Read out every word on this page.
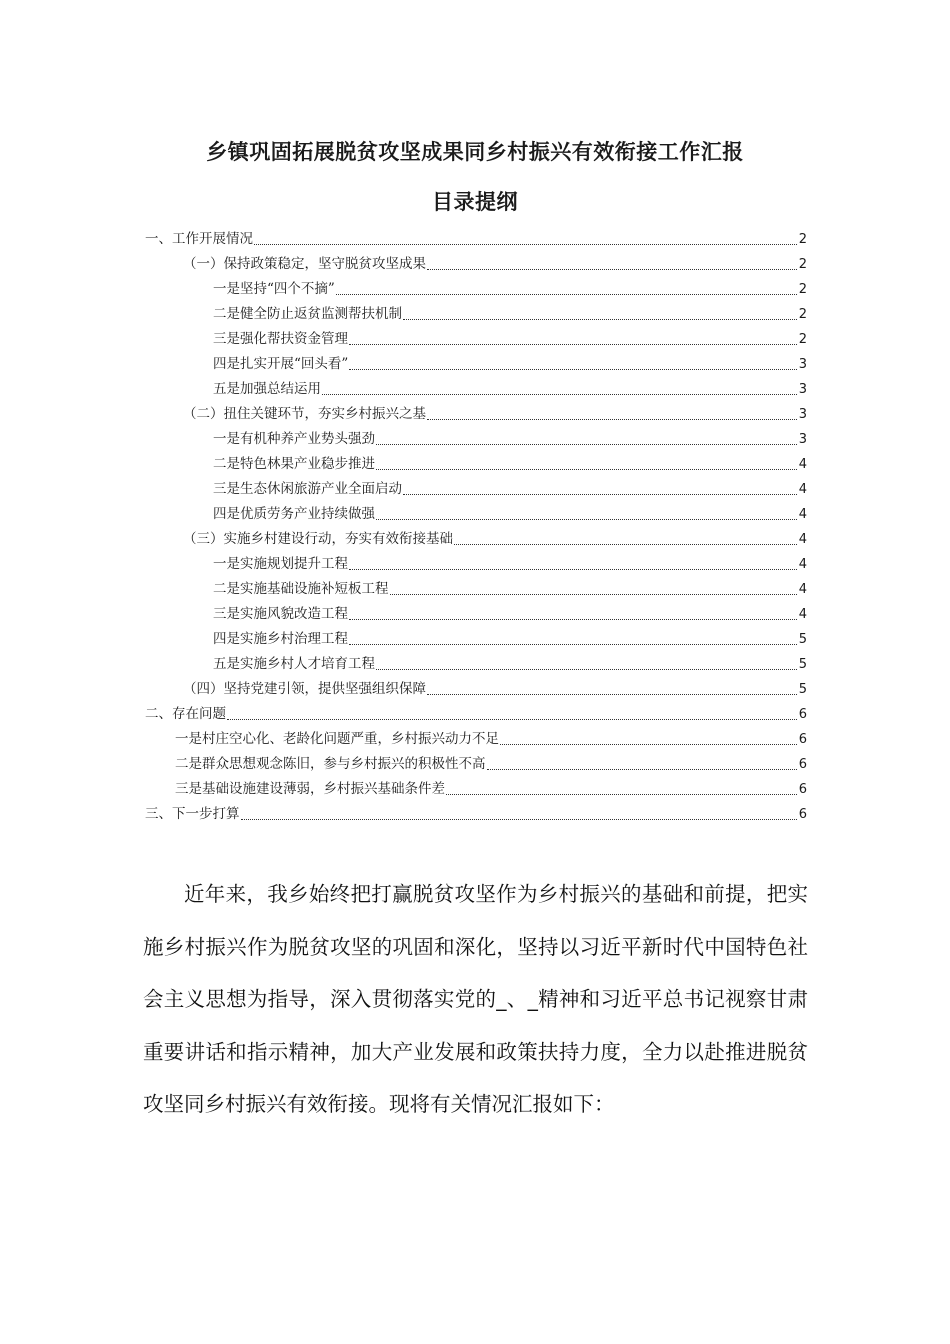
乡镇巩固拓展脱贫攻坚成果同乡村振兴有效衔接工作汇报
目录提纲
一、工作开展情况	2
（一）保持政策稳定，坚守脱贫攻坚成果	2
一是坚持“四个不摘”	2
二是健全防止返贫监测帮扶机制	2
三是强化帮扶资金管理	2
四是扎实开展“回头看”	3
五是加强总结运用	3
（二）扭住关键环节，夯实乡村振兴之基	3
一是有机种养产业势头强劲	3
二是特色林果产业稳步推进	4
三是生态休闲旅游产业全面启动	4
四是优质劳务产业持续做强	4
（三）实施乡村建设行动，夯实有效衔接基础	4
一是实施规划提升工程	4
二是实施基础设施补短板工程	4
三是实施风貌改造工程	4
四是实施乡村治理工程	5
五是实施乡村人才培育工程	5
（四）坚持党建引领，提供坚强组织保障	5
二、存在问题	6
一是村庄空心化、老龄化问题严重，乡村振兴动力不足	6
二是群众思想观念陈旧，参与乡村振兴的积极性不高	6
三是基础设施建设薄弱，乡村振兴基础条件差	6
三、下一步打算	6
近年来，我乡始终把打赢脱贫攻坚作为乡村振兴的基础和前提，把实施乡村振兴作为脱贫攻坚的巩固和深化，坚持以习近平新时代中国特色社会主义思想为指导，深入贯彻落实党的_、_精神和习近平总书记视察甘肃重要讲话和指示精神，加大产业发展和政策扶持力度，全力以赴推进脱贫攻坚同乡村振兴有效衔接。现将有关情况汇报如下：
